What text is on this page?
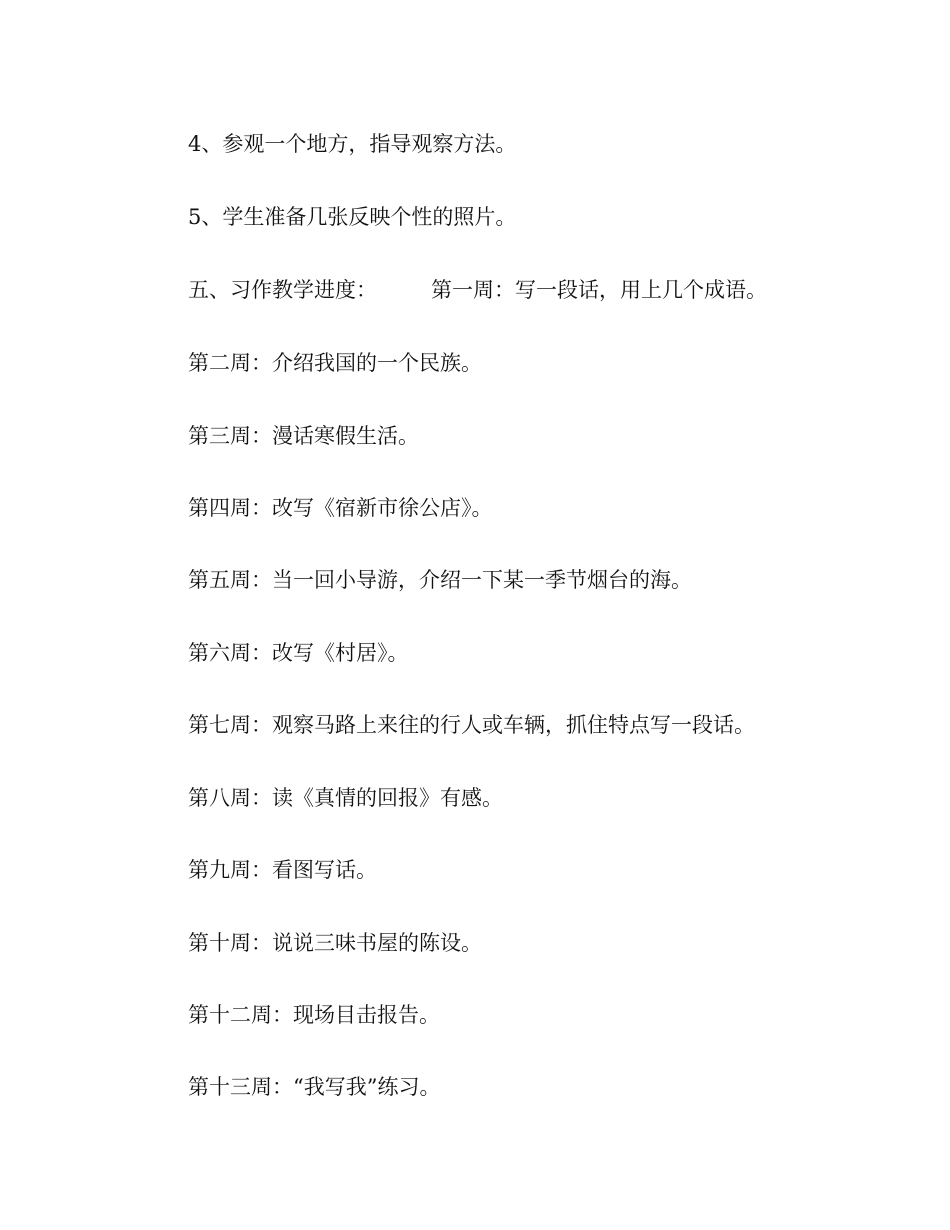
4、参观一个地方，指导观察方法。
5、学生准备几张反映个性的照片。
五、习作教学进度：	第一周：写一段话，用上几个成语。
第二周：介绍我国的一个民族。
第三周：漫话寒假生活。
第四周：改写《宿新市徐公店》。
第五周：当一回小导游，介绍一下某一季节烟台的海。
第六周：改写《村居》。
第七周：观察马路上来往的行人或车辆，抓住特点写一段话。
第八周：读《真情的回报》有感。
第九周：看图写话。
第十周：说说三味书屋的陈设。
第十二周：现场目击报告。
第十三周：“我写我”练习。
